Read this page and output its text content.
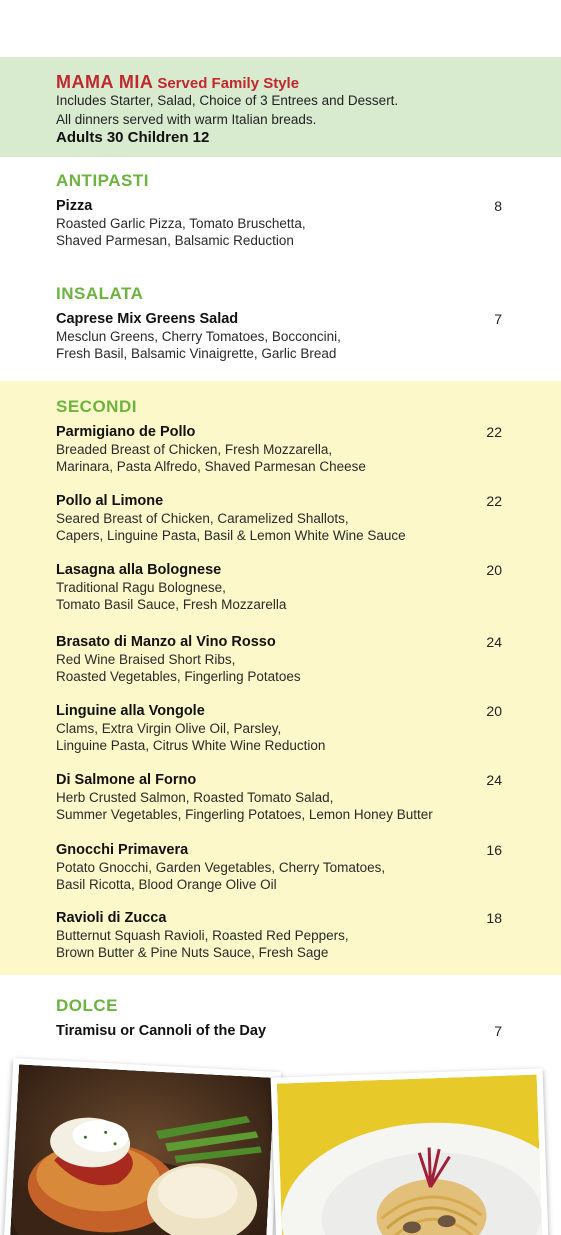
MAMA MIA Served Family Style
Includes Starter, Salad, Choice of 3 Entrees and Dessert.
All dinners served with warm Italian breads.
Adults 30 Children 12
ANTIPASTI
Pizza	8
Roasted Garlic Pizza, Tomato Bruschetta,
Shaved Parmesan, Balsamic Reduction
INSALATA
Caprese Mix Greens Salad	7
Mesclun Greens, Cherry Tomatoes, Bocconcini,
Fresh Basil, Balsamic Vinaigrette, Garlic Bread
SECONDI
Parmigiano de Pollo	22
Breaded Breast of Chicken, Fresh Mozzarella,
Marinara, Pasta Alfredo, Shaved Parmesan Cheese
Pollo al Limone	22
Seared Breast of Chicken, Caramelized Shallots,
Capers, Linguine Pasta, Basil & Lemon White Wine Sauce
Lasagna alla Bolognese	20
Traditional Ragu Bolognese,
Tomato Basil Sauce, Fresh Mozzarella
Brasato di Manzo al Vino Rosso	24
Red Wine Braised Short Ribs,
Roasted Vegetables, Fingerling Potatoes
Linguine alla Vongole	20
Clams, Extra Virgin Olive Oil, Parsley,
Linguine Pasta, Citrus White Wine Reduction
Di Salmone al Forno	24
Herb Crusted Salmon, Roasted Tomato Salad,
Summer Vegetables, Fingerling Potatoes, Lemon Honey Butter
Gnocchi Primavera	16
Potato Gnocchi, Garden Vegetables, Cherry Tomatoes,
Basil Ricotta, Blood Orange Olive Oil
Ravioli di Zucca	18
Butternut Squash Ravioli, Roasted Red Peppers,
Brown Butter & Pine Nuts Sauce, Fresh Sage
DOLCE
Tiramisu or Cannoli of the Day	7
